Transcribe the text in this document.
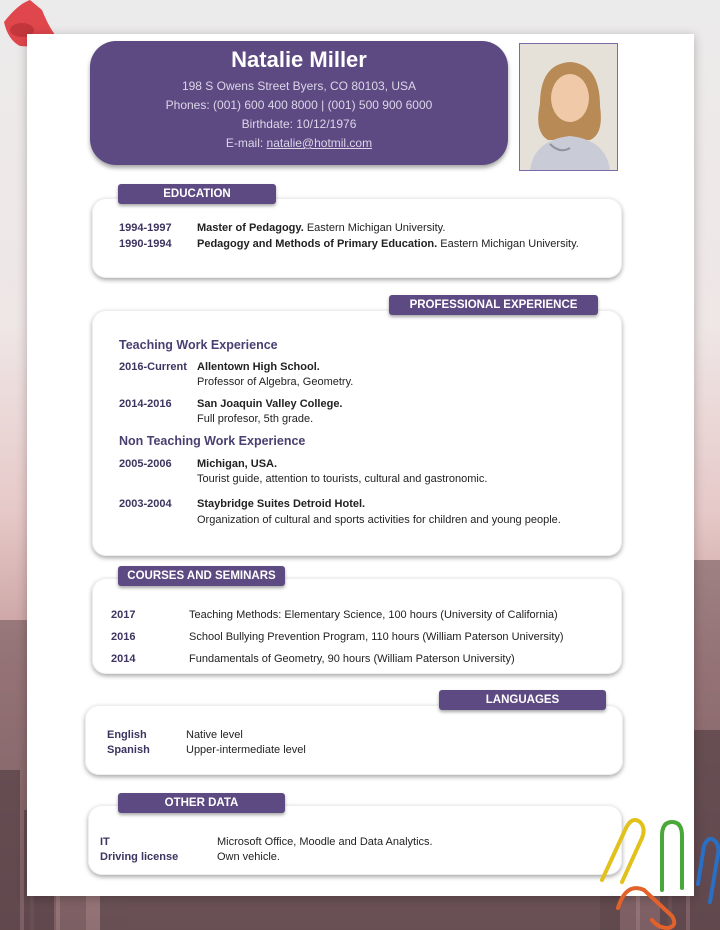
Natalie Miller
198 S Owens Street Byers, CO 80103, USA
Phones: (001) 600 400 8000 | (001) 500 900 6000
Birthdate: 10/12/1976
E-mail: natalie@hotmil.com
EDUCATION
1994-1997 Master of Pedagogy. Eastern Michigan University.
1990-1994 Pedagogy and Methods of Primary Education. Eastern Michigan University.
PROFESSIONAL EXPERIENCE
Teaching Work Experience
2016-Current Allentown High School.
Professor of Algebra, Geometry.
2014-2016 San Joaquin Valley College.
Full profesor, 5th grade.
Non Teaching Work Experience
2005-2006 Michigan, USA.
Tourist guide, attention to tourists, cultural and gastronomic.
2003-2004 Staybridge Suites Detroid Hotel.
Organization of cultural and sports activities for children and young people.
COURSES AND SEMINARS
2017	Teaching Methods: Elementary Science, 100 hours (University of California)
2016	School Bullying Prevention Program, 110 hours (William Paterson University)
2014	Fundamentals of Geometry, 90 hours (William Paterson University)
LANGUAGES
English	Native level
Spanish	Upper-intermediate level
OTHER DATA
IT	Microsoft Office, Moodle and Data Analytics.
Driving license	Own vehicle.
